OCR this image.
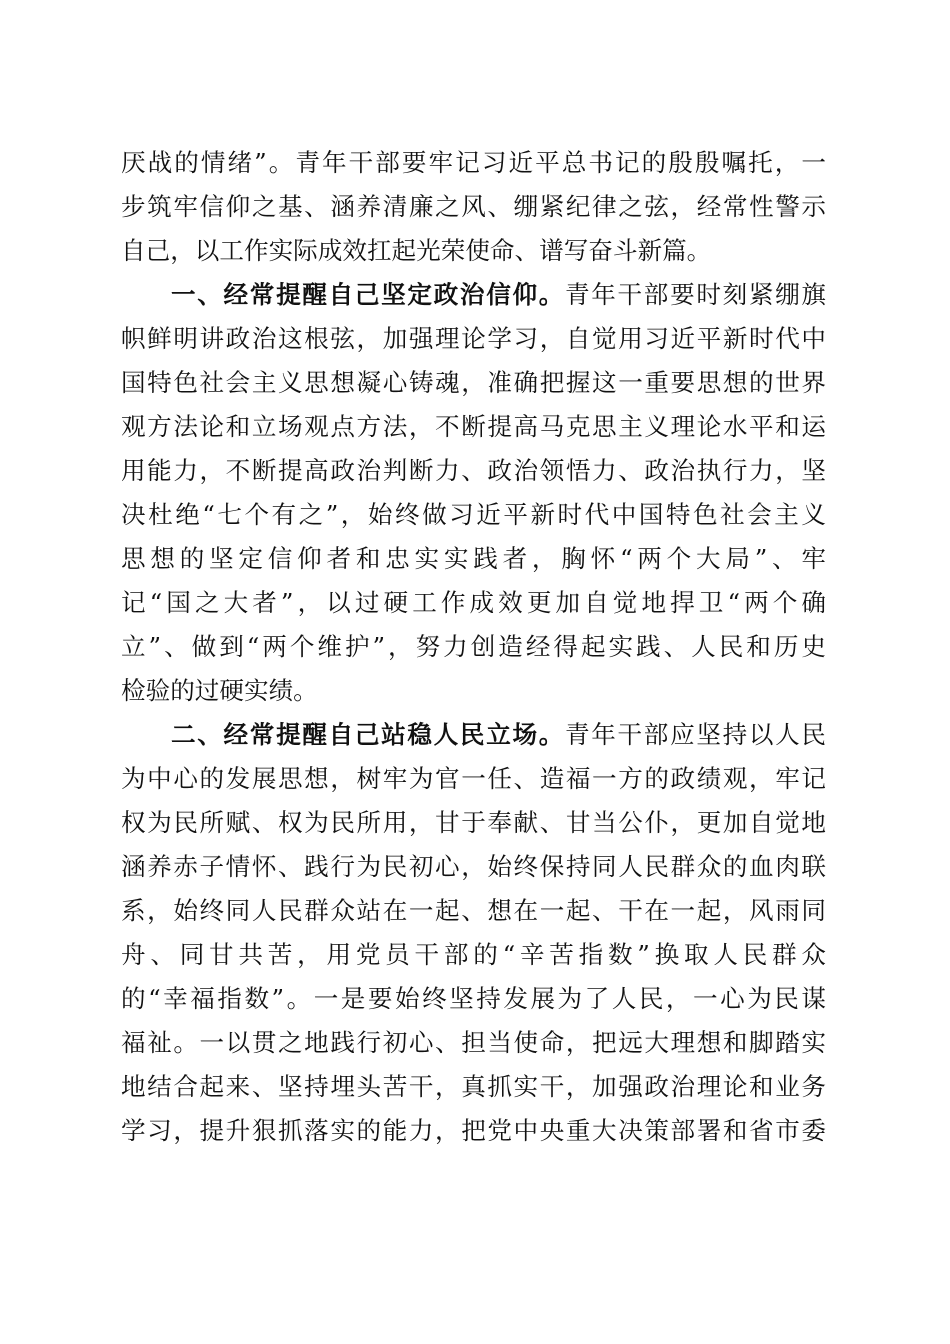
厌战的情绪”。青年干部要牢记习近平总书记的殷殷嘱托，一
步筑牢信仰之基、涵养清廉之风、绷紧纪律之弦，经常性警示
自己，以工作实际成效扛起光荣使命、谱写奋斗新篇。
一、经常提醒自己坚定政治信仰。青年干部要时刻紧绷旗
帜鲜明讲政治这根弦，加强理论学习，自觉用习近平新时代中
国特色社会主义思想凝心铸魂，准确把握这一重要思想的世界
观方法论和立场观点方法，不断提高马克思主义理论水平和运
用能力，不断提高政治判断力、政治领悟力、政治执行力，坚
决杜绝“七个有之”，始终做习近平新时代中国特色社会主义
思想的坚定信仰者和忠实实践者，胸怀“两个大局”、牢
记“国之大者”，以过硬工作成效更加自觉地捍卫“两个确
立”、做到“两个维护”，努力创造经得起实践、人民和历史
检验的过硬实绩。
二、经常提醒自己站稳人民立场。青年干部应坚持以人民
为中心的发展思想，树牢为官一任、造福一方的政绩观，牢记
权为民所赋、权为民所用，甘于奉献、甘当公仆，更加自觉地
涵养赤子情怀、践行为民初心，始终保持同人民群众的血肉联
系，始终同人民群众站在一起、想在一起、干在一起，风雨同
舟、同甘共苦，用党员干部的“辛苦指数”换取人民群众
的“幸福指数”。一是要始终坚持发展为了人民，一心为民谋
福祉。一以贯之地践行初心、担当使命，把远大理想和脚踏实
地结合起来、坚持埋头苦干，真抓实干，加强政治理论和业务
学习，提升狠抓落实的能力，把党中央重大决策部署和省市委
